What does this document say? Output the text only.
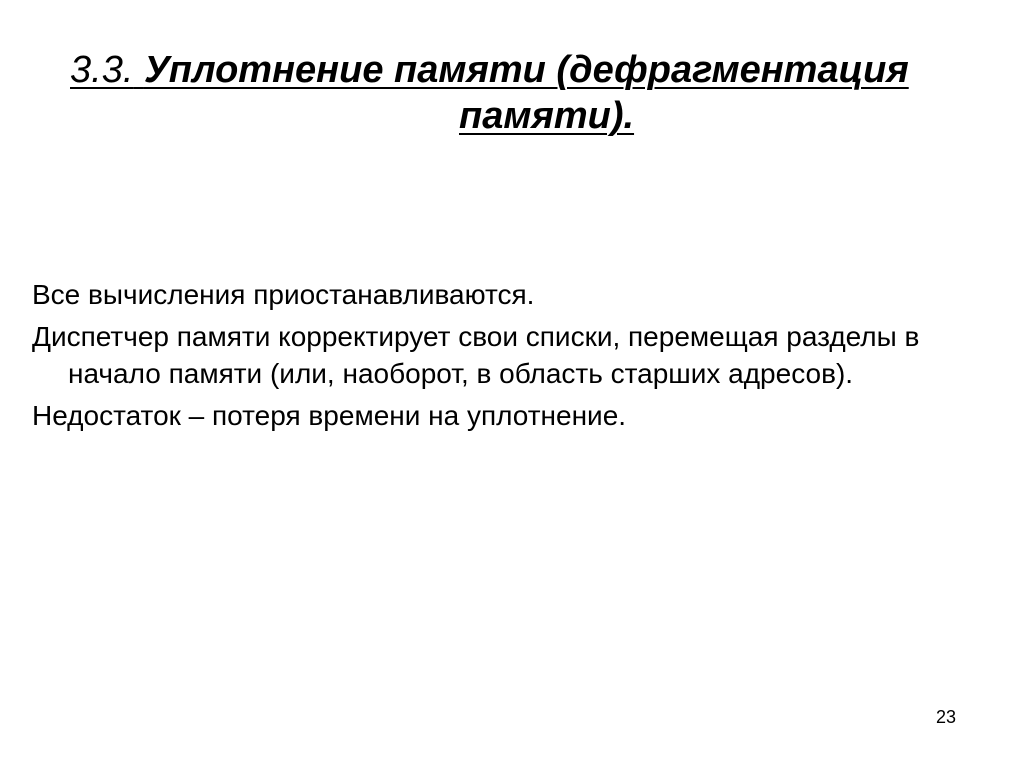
3.3. Уплотнение памяти (дефрагментация
памяти).

Все вычисления приостанавливаются.

Диспетчер памяти корректирует свои списки, перемещая разделы в начало памяти (или, наоборот, в область старших адресов).

Недостаток – потеря времени на уплотнение.

23
